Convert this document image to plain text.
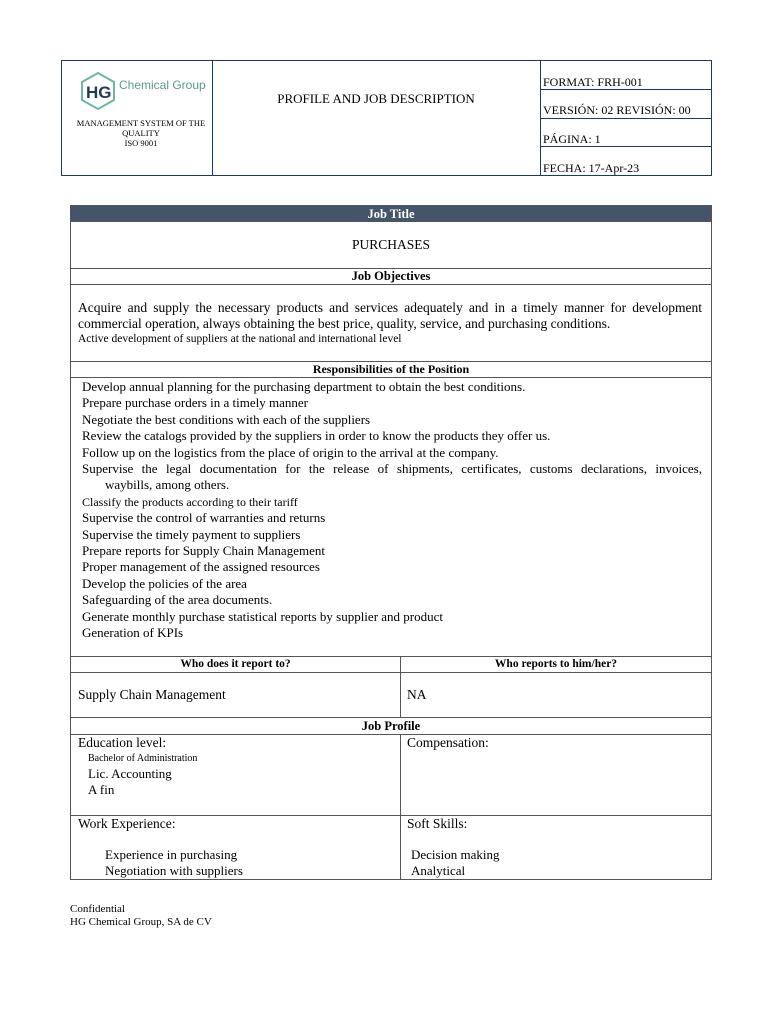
HG Chemical Group
MANAGEMENT SYSTEM OF THE
QUALITY
ISO 9001
PROFILE AND JOB DESCRIPTION
FORMAT: FRH-001
VERSIÓN: 02 REVISIÓN: 00
PÁGINA: 1
FECHA: 17-Apr-23
Job Title
PURCHASES
Job Objectives
Acquire and supply the necessary products and services adequately and in a timely manner for development commercial operation, always obtaining the best price, quality, service, and purchasing conditions.
Active development of suppliers at the national and international level
Responsibilities of the Position
Develop annual planning for the purchasing department to obtain the best conditions.
Prepare purchase orders in a timely manner
Negotiate the best conditions with each of the suppliers
Review the catalogs provided by the suppliers in order to know the products they offer us.
Follow up on the logistics from the place of origin to the arrival at the company.
Supervise the legal documentation for the release of shipments, certificates, customs declarations, invoices,
waybills, among others.
Classify the products according to their tariff
Supervise the control of warranties and returns
Supervise the timely payment to suppliers
Prepare reports for Supply Chain Management
Proper management of the assigned resources
Develop the policies of the area
Safeguarding of the area documents.
Generate monthly purchase statistical reports by supplier and product
Generation of KPIs
Who does it report to?	Who reports to him/her?
Supply Chain Management	NA
Job Profile
Education level:
Bachelor of Administration
Lic. Accounting
A fin
Compensation:
Work Experience:
Experience in purchasing
Negotiation with suppliers
Soft Skills:
Decision making
Analytical
Confidential
HG Chemical Group, SA de CV
